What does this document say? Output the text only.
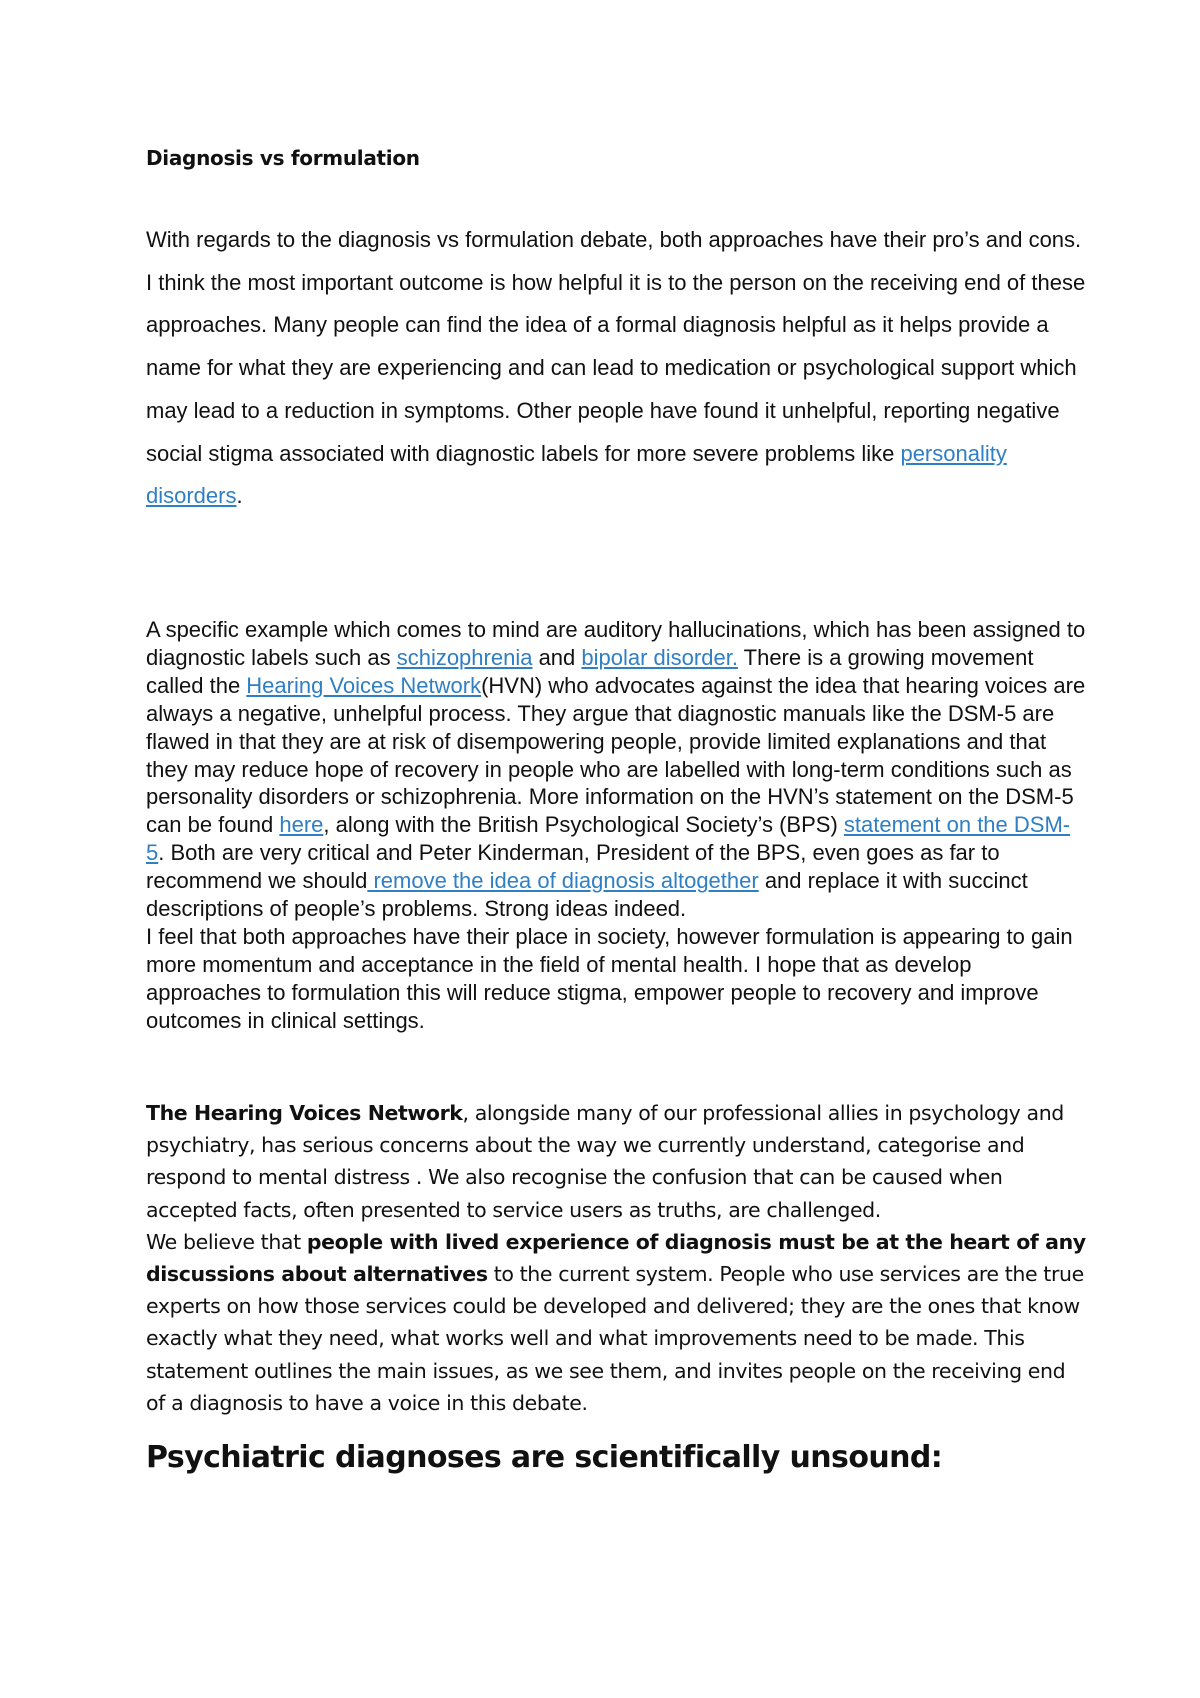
Diagnosis vs formulation

With regards to the diagnosis vs formulation debate, both approaches have their pro’s and cons. I think the most important outcome is how helpful it is to the person on the receiving end of these approaches. Many people can find the idea of a formal diagnosis helpful as it helps provide a name for what they are experiencing and can lead to medication or psychological support which may lead to a reduction in symptoms. Other people have found it unhelpful, reporting negative social stigma associated with diagnostic labels for more severe problems like personality disorders.

A specific example which comes to mind are auditory hallucinations, which has been assigned to diagnostic labels such as schizophrenia and bipolar disorder. There is a growing movement called the Hearing Voices Network(HVN) who advocates against the idea that hearing voices are always a negative, unhelpful process. They argue that diagnostic manuals like the DSM-5 are flawed in that they are at risk of disempowering people, provide limited explanations and that they may reduce hope of recovery in people who are labelled with long-term conditions such as personality disorders or schizophrenia. More information on the HVN’s statement on the DSM-5 can be found here, along with the British Psychological Society’s (BPS) statement on the DSM-5. Both are very critical and Peter Kinderman, President of the BPS, even goes as far to recommend we should remove the idea of diagnosis altogether and replace it with succinct descriptions of people’s problems. Strong ideas indeed.
I feel that both approaches have their place in society, however formulation is appearing to gain more momentum and acceptance in the field of mental health. I hope that as develop approaches to formulation this will reduce stigma, empower people to recovery and improve outcomes in clinical settings.

The Hearing Voices Network, alongside many of our professional allies in psychology and psychiatry, has serious concerns about the way we currently understand, categorise and respond to mental distress . We also recognise the confusion that can be caused when accepted facts, often presented to service users as truths, are challenged.
We believe that people with lived experience of diagnosis must be at the heart of any discussions about alternatives to the current system. People who use services are the true experts on how those services could be developed and delivered; they are the ones that know exactly what they need, what works well and what improvements need to be made. This statement outlines the main issues, as we see them, and invites people on the receiving end of a diagnosis to have a voice in this debate.

Psychiatric diagnoses are scientifically unsound:
